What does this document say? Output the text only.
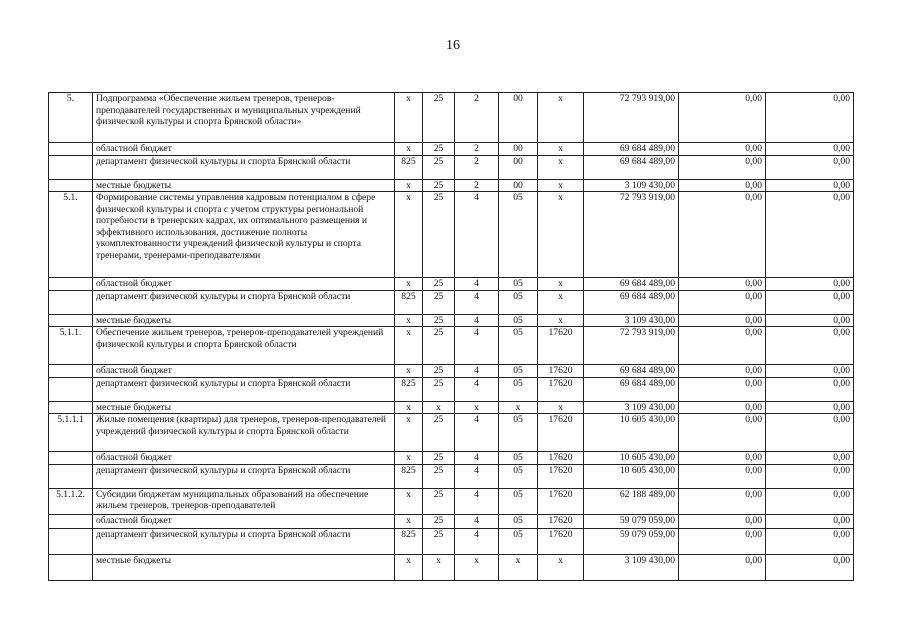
16
5.	Подпрограмма «Обеспечение жильем тренеров, тренеров-преподавателей государственных и муниципальных учреждений физической культуры и спорта Брянской области»	х	25	2	00	х	72 793 919,00	0,00	0,00
	областной бюджет	х	25	2	00	х	69 684 489,00	0,00	0,00
	департамент физической культуры и спорта Брянской области	825	25	2	00	х	69 684 489,00	0,00	0,00
	местные бюджеты	х	25	2	00	х	3 109 430,00	0,00	0,00
5.1.	Формирование системы управления кадровым потенциалом в сфере физической культуры и спорта с учетом структуры региональной потребности в тренерских кадрах, их оптимального размещения и эффективного использования, достижение полноты укомплектованности учреждений физической культуры и спорта тренерами, тренерами-преподавателями	х	25	4	05	х	72 793 919,00	0,00	0,00
	областной бюджет	х	25	4	05	х	69 684 489,00	0,00	0,00
	департамент физической культуры и спорта Брянской области	825	25	4	05	х	69 684 489,00	0,00	0,00
	местные бюджеты	х	25	4	05	х	3 109 430,00	0,00	0,00
5.1.1.	Обеспечение жильем тренеров, тренеров-преподавателей учреждений физической культуры и спорта Брянской области	х	25	4	05	17620	72 793 919,00	0,00	0,00
	областной бюджет	х	25	4	05	17620	69 684 489,00	0,00	0,00
	департамент физической культуры и спорта Брянской области	825	25	4	05	17620	69 684 489,00	0,00	0,00
	местные бюджеты	х	х	х	х	х	3 109 430,00	0,00	0,00
5.1.1.1	Жилые помещения (квартиры) для тренеров, тренеров-преподавателей учреждений физической культуры и спорта Брянской области	х	25	4	05	17620	10 605 430,00	0,00	0,00
	областной бюджет	х	25	4	05	17620	10 605 430,00	0,00	0,00
	департамент физической культуры и спорта Брянской области	825	25	4	05	17620	10 605 430,00	0,00	0,00
5.1.1.2.	Субсидии бюджетам муниципальных образований на обеспечение жильем тренеров, тренеров-преподавателей	х	25	4	05	17620	62 188 489,00	0,00	0,00
	областной бюджет	х	25	4	05	17620	59 079 059,00	0,00	0,00
	департамент физической культуры и спорта Брянской области	825	25	4	05	17620	59 079 059,00	0,00	0,00
	местные бюджеты	х	х	х	х	х	3 109 430,00	0,00	0,00
